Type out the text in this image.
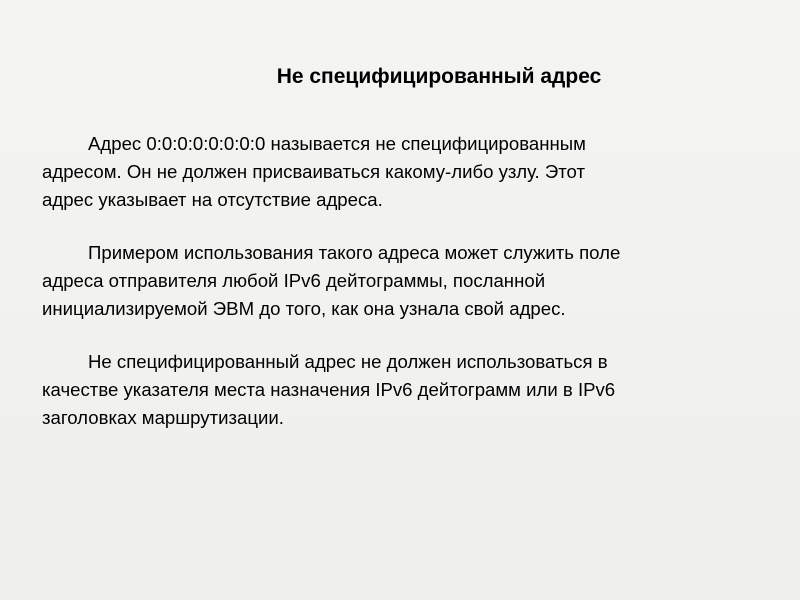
Не специфицированный адрес

Адрес 0:0:0:0:0:0:0:0 называется не специфицированным
адресом. Он не должен присваиваться какому-либо узлу. Этот
адрес указывает на отсутствие адреса.

Примером использования такого адреса может служить поле
адреса отправителя любой IPv6 дейтограммы, посланной
инициализируемой ЭВМ до того, как она узнала свой адрес.

Не специфицированный адрес не должен использоваться в
качестве указателя места назначения IPv6 дейтограмм или в IPv6
заголовках маршрутизации.
